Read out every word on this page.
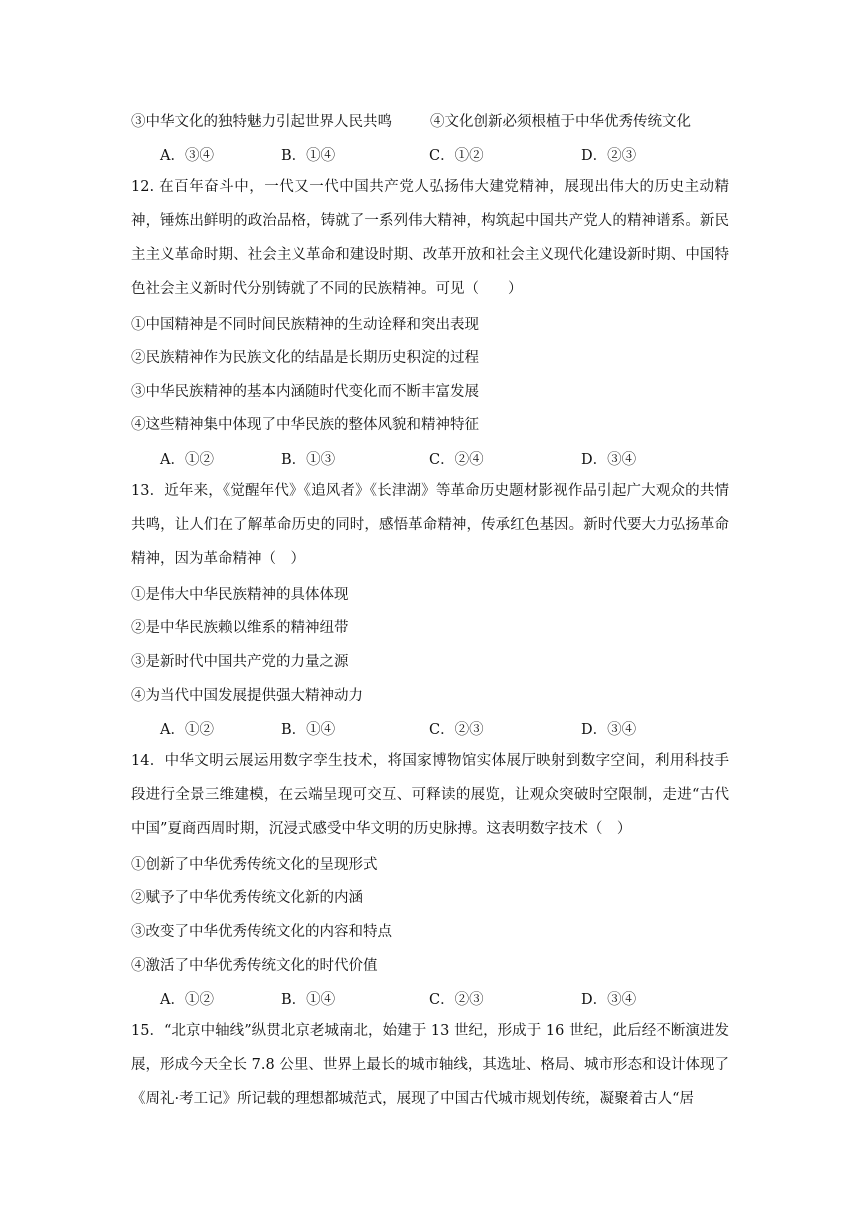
③中华文化的独特魅力引起世界人民共鸣	④文化创新必须根植于中华优秀传统文化
A．③④	B．①④	C．①②	D．②③
12. 在百年奋斗中，一代又一代中国共产党人弘扬伟大建党精神，展现出伟大的历史主动精神，锤炼出鲜明的政治品格，铸就了一系列伟大精神，构筑起中国共产党人的精神谱系。新民主主义革命时期、社会主义革命和建设时期、改革开放和社会主义现代化建设新时期、中国特色社会主义新时代分别铸就了不同的民族精神。可见（　　）
①中国精神是不同时间民族精神的生动诠释和突出表现
②民族精神作为民族文化的结晶是长期历史积淀的过程
③中华民族精神的基本内涵随时代变化而不断丰富发展
④这些精神集中体现了中华民族的整体风貌和精神特征
A．①②	B．①③	C．②④	D．③④
13．近年来，《觉醒年代》《追风者》《长津湖》等革命历史题材影视作品引起广大观众的共情共鸣，让人们在了解革命历史的同时，感悟革命精神，传承红色基因。新时代要大力弘扬革命精神，因为革命精神（　）
①是伟大中华民族精神的具体体现
②是中华民族赖以维系的精神纽带
③是新时代中国共产党的力量之源
④为当代中国发展提供强大精神动力
A．①②	B．①④	C．②③	D．③④
14．中华文明云展运用数字孪生技术，将国家博物馆实体展厅映射到数字空间，利用科技手段进行全景三维建模，在云端呈现可交互、可释读的展览，让观众突破时空限制，走进“古代中国”夏商西周时期，沉浸式感受中华文明的历史脉搏。这表明数字技术（　）
①创新了中华优秀传统文化的呈现形式
②赋予了中华优秀传统文化新的内涵
③改变了中华优秀传统文化的内容和特点
④激活了中华优秀传统文化的时代价值
A．①②	B．①④	C．②③	D．③④
15．“北京中轴线”纵贯北京老城南北，始建于 13 世纪，形成于 16 世纪，此后经不断演进发展，形成今天全长 7.8 公里、世界上最长的城市轴线，其选址、格局、城市形态和设计体现了《周礼·考工记》所记载的理想都城范式，展现了中国古代城市规划传统，凝聚着古人“居
